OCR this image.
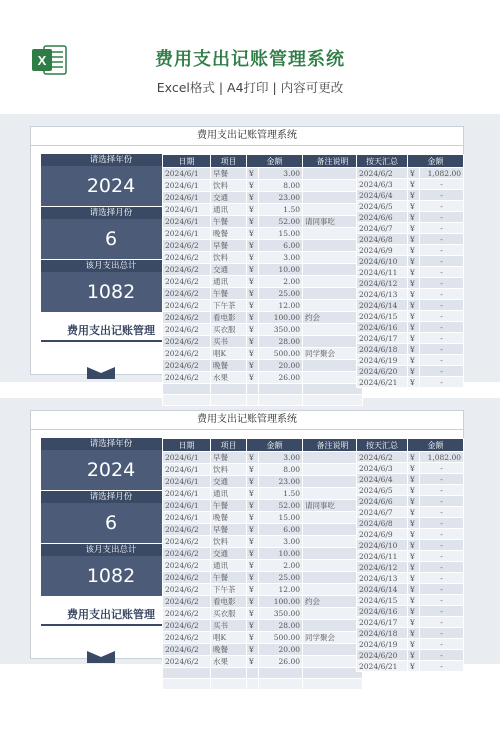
X	费用支出记账管理系统
Excel格式 | A4打印 | 内容可更改
费用支出记账管理系统
请选择年份
2024
请选择月份
6
该月支出总计
1082
费用支出记账管理
日期	项目	金额		备注说明
2024/6/1	早餐	¥	3.00	
2024/6/1	饮料	¥	8.00	
2024/6/1	交通	¥	23.00	
2024/6/1	通讯	¥	1.50	
2024/6/1	午餐	¥	52.00	请同事吃
2024/6/1	晚餐	¥	15.00	
2024/6/2	早餐	¥	6.00	
2024/6/2	饮料	¥	3.00	
2024/6/2	交通	¥	10.00	
2024/6/2	通讯	¥	2.00	
2024/6/2	午餐	¥	25.00	
2024/6/2	下午茶	¥	12.00	
2024/6/2	看电影	¥	100.00	约会
2024/6/2	买衣服	¥	350.00	
2024/6/2	买书	¥	28.00	
2024/6/2	唱K	¥	500.00	同学聚会
2024/6/2	晚餐	¥	20.00	
2024/6/2	水果	¥	26.00	

按天汇总	金额	
2024/6/2	¥	1,082.00
2024/6/3	¥	-
2024/6/4	¥	-
2024/6/5	¥	-
2024/6/6	¥	-
2024/6/7	¥	-
2024/6/8	¥	-
2024/6/9	¥	-
2024/6/10	¥	-
2024/6/11	¥	-
2024/6/12	¥	-
2024/6/13	¥	-
2024/6/14	¥	-
2024/6/15	¥	-
2024/6/16	¥	-
2024/6/17	¥	-
2024/6/18	¥	-
2024/6/19	¥	-
2024/6/20	¥	-
2024/6/21	¥	-
费用支出记账管理系统
请选择年份
2024
请选择月份
6
该月支出总计
1082
费用支出记账管理
日期	项目	金额		备注说明
2024/6/1	早餐	¥	3.00	
2024/6/1	饮料	¥	8.00	
2024/6/1	交通	¥	23.00	
2024/6/1	通讯	¥	1.50	
2024/6/1	午餐	¥	52.00	请同事吃
2024/6/1	晚餐	¥	15.00	
2024/6/2	早餐	¥	6.00	
2024/6/2	饮料	¥	3.00	
2024/6/2	交通	¥	10.00	
2024/6/2	通讯	¥	2.00	
2024/6/2	午餐	¥	25.00	
2024/6/2	下午茶	¥	12.00	
2024/6/2	看电影	¥	100.00	约会
2024/6/2	买衣服	¥	350.00	
2024/6/2	买书	¥	28.00	
2024/6/2	唱K	¥	500.00	同学聚会
2024/6/2	晚餐	¥	20.00	
2024/6/2	水果	¥	26.00	

按天汇总	金额	
2024/6/2	¥	1,082.00
2024/6/3	¥	-
2024/6/4	¥	-
2024/6/5	¥	-
2024/6/6	¥	-
2024/6/7	¥	-
2024/6/8	¥	-
2024/6/9	¥	-
2024/6/10	¥	-
2024/6/11	¥	-
2024/6/12	¥	-
2024/6/13	¥	-
2024/6/14	¥	-
2024/6/15	¥	-
2024/6/16	¥	-
2024/6/17	¥	-
2024/6/18	¥	-
2024/6/19	¥	-
2024/6/20	¥	-
2024/6/21	¥	-
